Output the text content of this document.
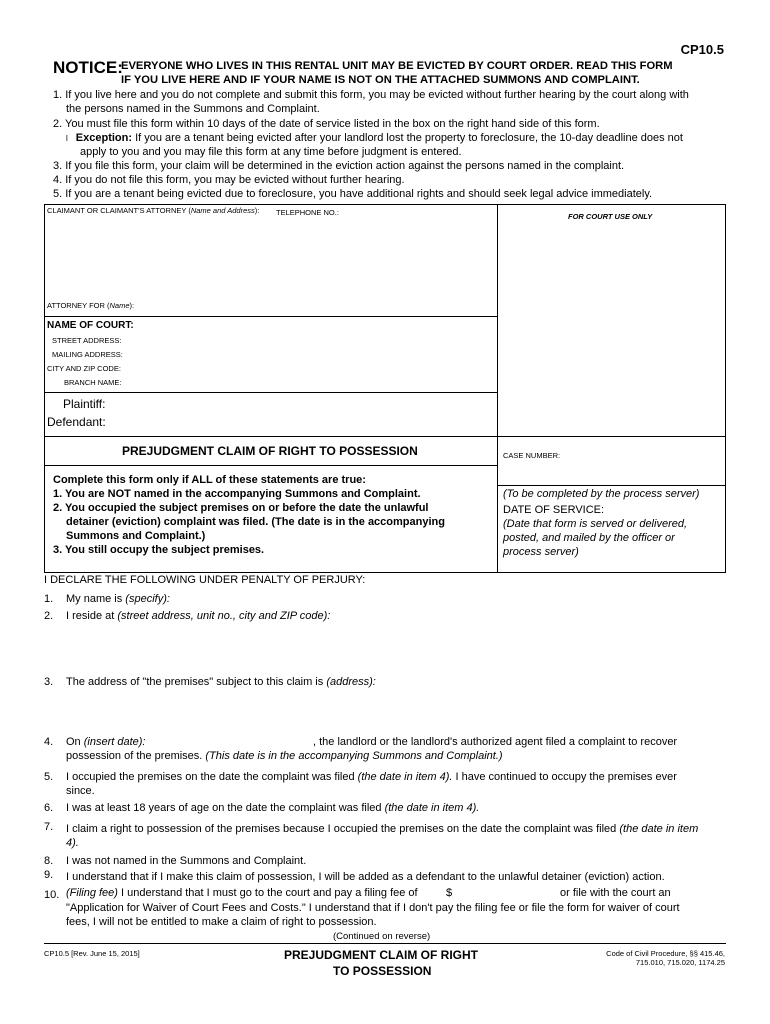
CP10.5
NOTICE:
EVERYONE WHO LIVES IN THIS RENTAL UNIT MAY BE EVICTED BY COURT ORDER. READ THIS FORM
IF YOU LIVE HERE AND IF YOUR NAME IS NOT ON THE ATTACHED SUMMONS AND COMPLAINT.
1. If you live here and you do not complete and submit this form, you may be evicted without further hearing by the court along with
the persons named in the Summons and Complaint.
2. You must file this form within 10 days of the date of service listed in the box on the right hand side of this form.
l Exception: If you are a tenant being evicted after your landlord lost the property to foreclosure, the 10-day deadline does not
apply to you and you may file this form at any time before judgment is entered.
3. If you file this form, your claim will be determined in the eviction action against the persons named in the complaint.
4. If you do not file this form, you may be evicted without further hearing.
5. If you are a tenant being evicted due to foreclosure, you have additional rights and should seek legal advice immediately.
CLAIMANT OR CLAIMANT'S ATTORNEY (Name and Address): TELEPHONE NO.:	FOR COURT USE ONLY
ATTORNEY FOR (Name):
NAME OF COURT:
STREET ADDRESS:
MAILING ADDRESS:
CITY AND ZIP CODE:
BRANCH NAME:
Plaintiff:
Defendant:
PREJUDGMENT CLAIM OF RIGHT TO POSSESSION	CASE NUMBER:
Complete this form only if ALL of these statements are true:
1. You are NOT named in the accompanying Summons and Complaint.
2. You occupied the subject premises on or before the date the unlawful
detainer (eviction) complaint was filed. (The date is in the accompanying
Summons and Complaint.)
3. You still occupy the subject premises.
(To be completed by the process server)
DATE OF SERVICE:
(Date that form is served or delivered,
posted, and mailed by the officer or
process server)
I DECLARE THE FOLLOWING UNDER PENALTY OF PERJURY:
1. My name is (specify):
2. I reside at (street address, unit no., city and ZIP code):
3. The address of "the premises" subject to this claim is (address):
4. On (insert date):	, the landlord or the landlord's authorized agent filed a complaint to recover
possession of the premises. (This date is in the accompanying Summons and Complaint.)
5. I occupied the premises on the date the complaint was filed (the date in item 4). I have continued to occupy the premises ever
since.
6. I was at least 18 years of age on the date the complaint was filed (the date in item 4).
7. I claim a right to possession of the premises because I occupied the premises on the date the complaint was filed (the date in item
4).
8. I was not named in the Summons and Complaint.
9. I understand that if I make this claim of possession, I will be added as a defendant to the unlawful detainer (eviction) action.
10. (Filing fee) I understand that I must go to the court and pay a filing fee of	$	or file with the court an
"Application for Waiver of Court Fees and Costs." I understand that if I don't pay the filing fee or file the form for waiver of court
fees, I will not be entitled to make a claim of right to possession.
(Continued on reverse)
CP10.5 [Rev. June 15, 2015]	PREJUDGMENT CLAIM OF RIGHT
TO POSSESSION
Code of Civil Procedure, §§ 415.46,
715.010, 715.020, 1174.25
